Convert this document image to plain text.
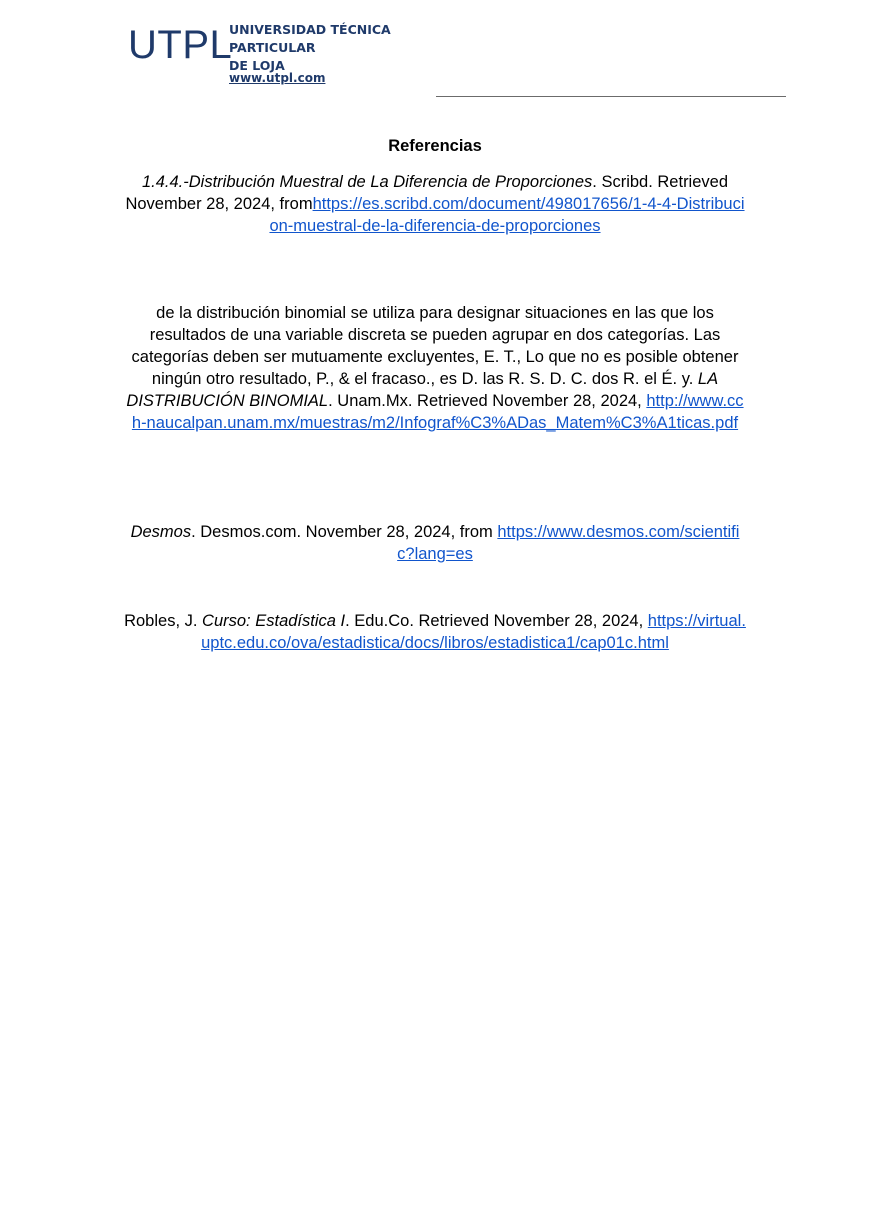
UTPL
UNIVERSIDAD TÉCNICA PARTICULAR
DE LOJA
www.utpl.com
Referencias
1.4.4.-Distribución Muestral de La Diferencia de Proporciones. Scribd. Retrieved November 28, 2024, fromhttps://es.scribd.com/document/498017656/1-4-4-Distribucion-muestral-de-la-diferencia-de-proporciones
de la distribución binomial se utiliza para designar situaciones en las que los resultados de una variable discreta se pueden agrupar en dos categorías. Las categorías deben ser mutuamente excluyentes, E. T., Lo que no es posible obtener ningún otro resultado, P., & el fracaso., es D. las R. S. D. C. dos R. el É. y. LA DISTRIBUCIÓN BINOMIAL. Unam.Mx. Retrieved November 28, 2024, http://www.cch-naucalpan.unam.mx/muestras/m2/Infograf%C3%ADas_Matem%C3%A1ticas.pdf
Desmos. Desmos.com. November 28, 2024, from https://www.desmos.com/scientific?lang=es
Robles, J. Curso: Estadística I. Edu.Co. Retrieved November 28, 2024, https://virtual.uptc.edu.co/ova/estadistica/docs/libros/estadistica1/cap01c.html
